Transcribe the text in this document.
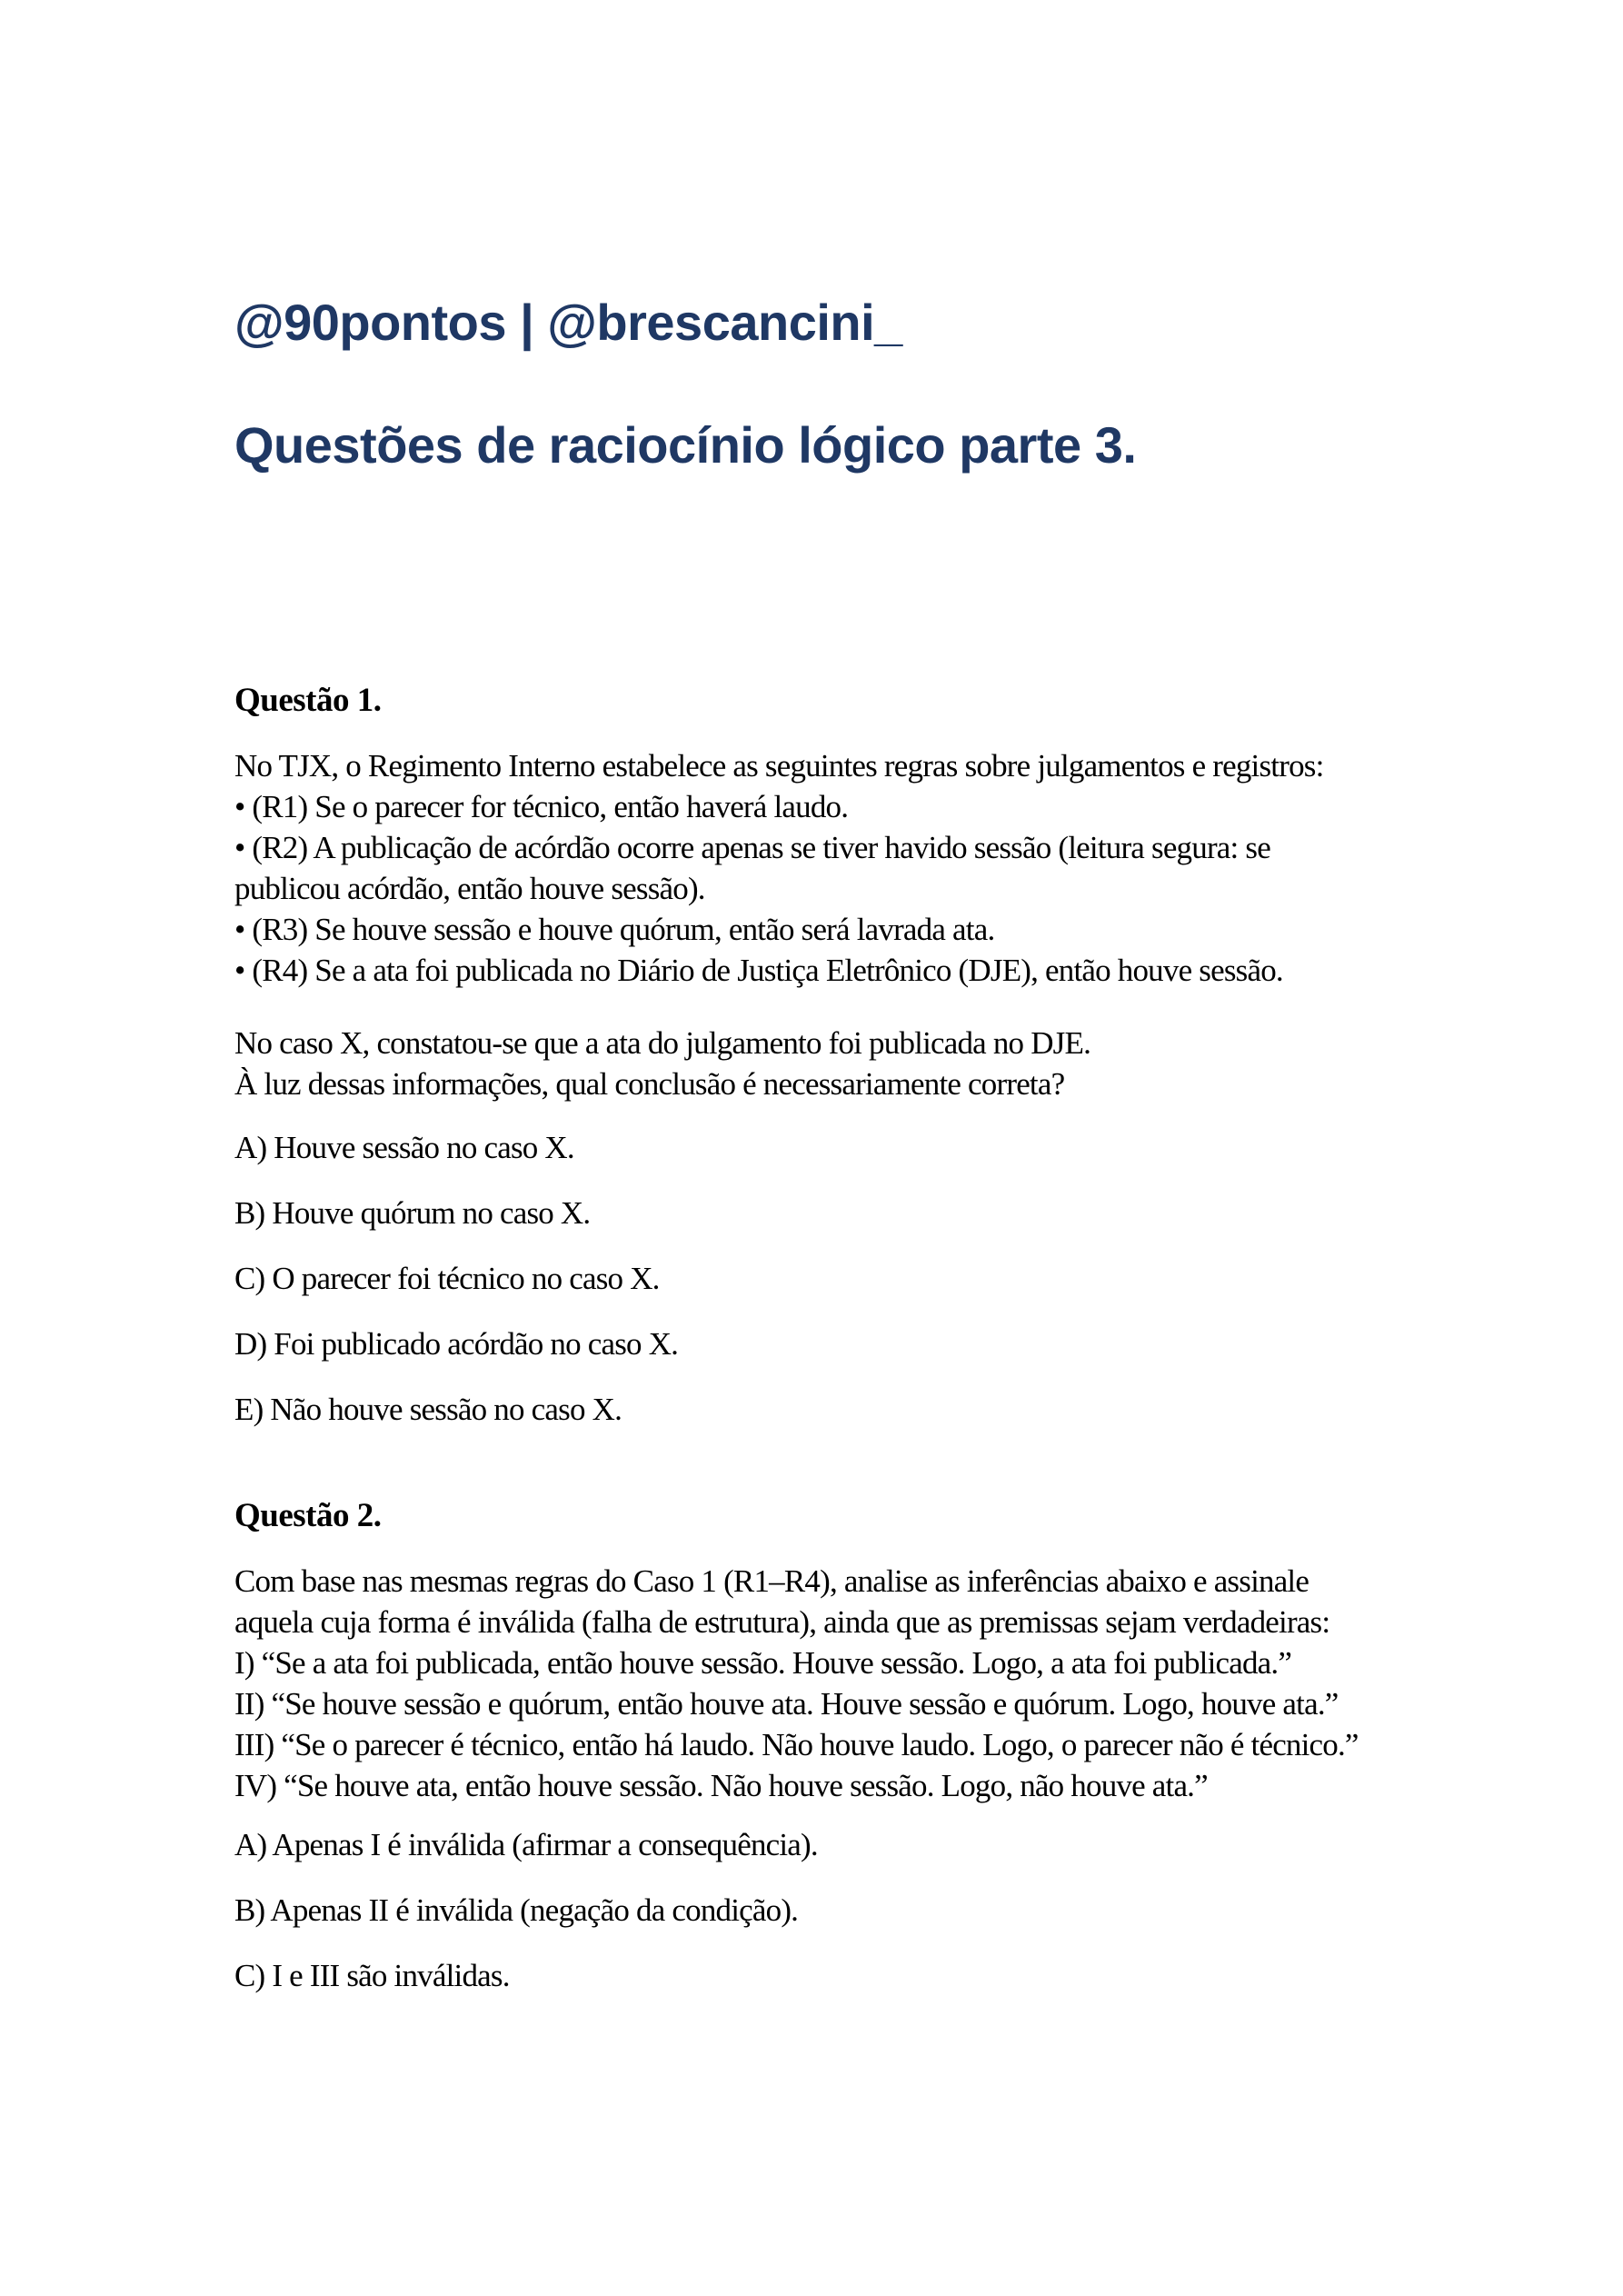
@90pontos | @brescancini_
Questões de raciocínio lógico parte 3.
Questão 1.
No TJX, o Regimento Interno estabelece as seguintes regras sobre julgamentos e registros:
• (R1) Se o parecer for técnico, então haverá laudo.
• (R2) A publicação de acórdão ocorre apenas se tiver havido sessão (leitura segura: se
publicou acórdão, então houve sessão).
• (R3) Se houve sessão e houve quórum, então será lavrada ata.
• (R4) Se a ata foi publicada no Diário de Justiça Eletrônico (DJE), então houve sessão.
No caso X, constatou-se que a ata do julgamento foi publicada no DJE.
À luz dessas informações, qual conclusão é necessariamente correta?
A) Houve sessão no caso X.
B) Houve quórum no caso X.
C) O parecer foi técnico no caso X.
D) Foi publicado acórdão no caso X.
E) Não houve sessão no caso X.
Questão 2.
Com base nas mesmas regras do Caso 1 (R1–R4), analise as inferências abaixo e assinale
aquela cuja forma é inválida (falha de estrutura), ainda que as premissas sejam verdadeiras:
I) “Se a ata foi publicada, então houve sessão. Houve sessão. Logo, a ata foi publicada.”
II) “Se houve sessão e quórum, então houve ata. Houve sessão e quórum. Logo, houve ata.”
III) “Se o parecer é técnico, então há laudo. Não houve laudo. Logo, o parecer não é técnico.”
IV) “Se houve ata, então houve sessão. Não houve sessão. Logo, não houve ata.”
A) Apenas I é inválida (afirmar a consequência).
B) Apenas II é inválida (negação da condição).
C) I e III são inválidas.
